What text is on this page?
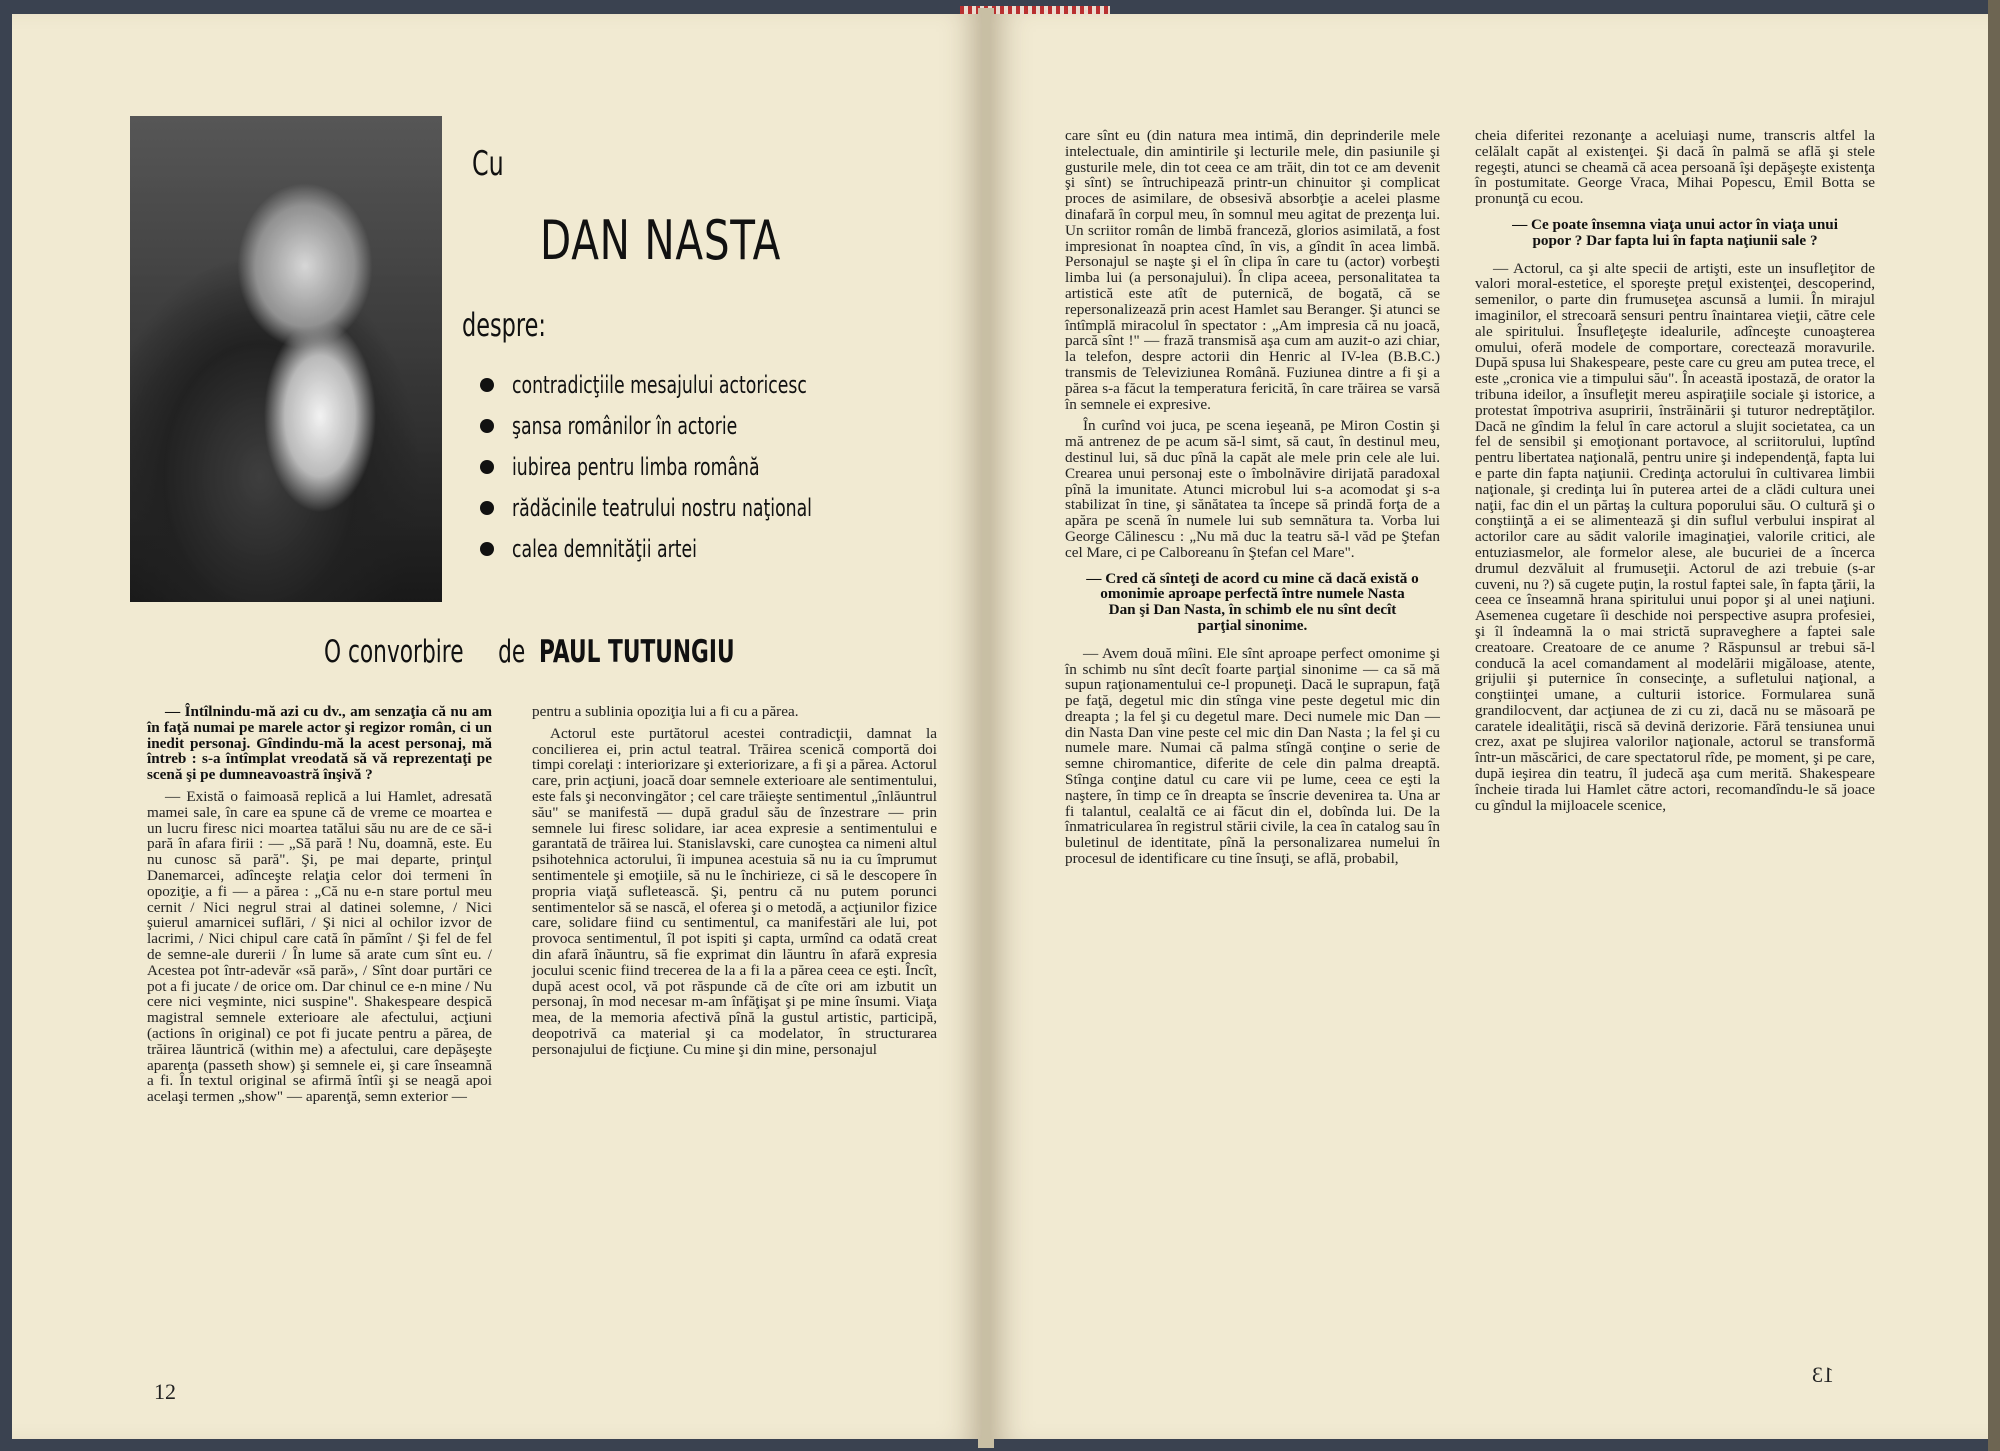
Cu
DAN NASTA
despre:
contradicţiile mesajului actoricesc
şansa românilor în actorie
iubirea pentru limba română
rădăcinile teatrului nostru naţional
calea demnităţii artei
O convorbire de PAUL TUTUNGIU

— Întîlnindu-mă azi cu dv., am senzaţia că nu am în faţă numai pe marele actor şi regizor român, ci un inedit personaj. Gîndindu-mă la acest personaj, mă întreb : s-a întîmplat vreodată să vă reprezentaţi pe scenă şi pe dumneavoastră înşivă ?

— Există o faimoasă replică a lui Hamlet, adresată mamei sale, în care ea spune că de vreme ce moartea e un lucru firesc nici moartea tatălui său nu are de ce să-i pară în afara firii : — „Să pară ! Nu, doamnă, este. Eu nu cunosc să pară". Şi, pe mai departe, prinţul Danemarcei, adînceşte relaţia celor doi termeni în opoziţie, a fi — a părea : „Că nu e-n stare portul meu cernit / Nici negrul strai al datinei solemne, / Nici şuierul amarnicei suflări, / Şi nici al ochilor izvor de lacrimi, / Nici chipul care cată în pămînt / Şi fel de fel de semne-ale durerii / În lume să arate cum sînt eu. / Acestea pot într-adevăr «să pară», / Sînt doar purtări ce pot a fi jucate / de orice om. Dar chinul ce e-n mine / Nu cere nici veşminte, nici suspine". Shakespeare despică magistral semnele exterioare ale afectului, acţiuni (actions în original) ce pot fi jucate pentru a părea, de trăirea lăuntrică (within me) a afectului, care depăşeşte aparenţa (passeth show) şi semnele ei, şi care înseamnă a fi. În textul original se afirmă întîi şi se neagă apoi acelaşi termen „show" — aparenţă, semn exterior —

pentru a sublinia opoziţia lui a fi cu a părea.

Actorul este purtătorul acestei contradicţii, damnat la concilierea ei, prin actul teatral. Trăirea scenică comportă doi timpi corelaţi : interiorizare şi exteriorizare, a fi şi a părea. Actorul care, prin acţiuni, joacă doar semnele exterioare ale sentimentului, este fals şi neconvingător ; cel care trăieşte sentimentul „înlăuntrul său" se manifestă — după gradul său de înzestrare — prin semnele lui firesc solidare, iar acea expresie a sentimentului e garantată de trăirea lui. Stanislavski, care cunoştea ca nimeni altul psihotehnica actorului, îi impunea acestuia să nu ia cu împrumut sentimentele şi emoţiile, să nu le închirieze, ci să le descopere în propria viaţă sufletească. Şi, pentru că nu putem porunci sentimentelor să se nască, el oferea şi o metodă, a acţiunilor fizice care, solidare fiind cu sentimentul, ca manifestări ale lui, pot provoca sentimentul, îl pot ispiti şi capta, urmînd ca odată creat din afară înăuntru, să fie exprimat din lăuntru în afară expresia jocului scenic fiind trecerea de la a fi la a părea ceea ce eşti. Încît, după acest ocol, vă pot răspunde că de cîte ori am izbutit un personaj, în mod necesar m-am înfăţişat şi pe mine însumi. Viaţa mea, de la memoria afectivă pînă la gustul artistic, participă, deopotrivă ca material şi ca modelator, în structurarea personajului de ficţiune. Cu mine şi din mine, personajul

12

care sînt eu (din natura mea intimă, din deprinderile mele intelectuale, din amintirile şi lecturile mele, din pasiunile şi gusturile mele, din tot ceea ce am trăit, din tot ce am devenit şi sînt) se întruchipează printr-un chinuitor şi complicat proces de asimilare, de obsesivă absorbţie a acelei plasme dinafară în corpul meu, în somnul meu agitat de prezenţa lui. Un scriitor român de limbă franceză, glorios asimilată, a fost impresionat în noaptea cînd, în vis, a gîndit în acea limbă. Personajul se naşte şi el în clipa în care tu (actor) vorbeşti limba lui (a personajului). În clipa aceea, personalitatea ta artistică este atît de puternică, de bogată, că se repersonalizează prin acest Hamlet sau Beranger. Şi atunci se întîmplă miracolul în spectator : „Am impresia că nu joacă, parcă sînt !" — frază transmisă aşa cum am auzit-o azi chiar, la telefon, despre actorii din Henric al IV-lea (B.B.C.) transmis de Televiziunea Română. Fuziunea dintre a fi şi a părea s-a făcut la temperatura fericită, în care trăirea se varsă în semnele ei expresive.

În curînd voi juca, pe scena ieşeană, pe Miron Costin şi mă antrenez de pe acum să-l simt, să caut, în destinul meu, destinul lui, să duc pînă la capăt ale mele prin cele ale lui. Crearea unui personaj este o îmbolnăvire dirijată paradoxal pînă la imunitate. Atunci microbul lui s-a acomodat şi s-a stabilizat în tine, şi sănătatea ta începe să prindă forţa de a apăra pe scenă în numele lui sub semnătura ta. Vorba lui George Călinescu : „Nu mă duc la teatru să-l văd pe Ştefan cel Mare, ci pe Calboreanu în Ştefan cel Mare".

— Cred că sînteţi de acord cu mine că dacă există o omonimie aproape perfectă între numele Nasta Dan şi Dan Nasta, în schimb ele nu sînt decît parţial sinonime.

— Avem două mîini. Ele sînt aproape perfect omonime şi în schimb nu sînt decît foarte parţial sinonime — ca să mă supun raţionamentului ce-l propuneţi. Dacă le suprapun, faţă pe faţă, degetul mic din stînga vine peste degetul mic din dreapta ; la fel şi cu degetul mare. Deci numele mic Dan — din Nasta Dan vine peste cel mic din Dan Nasta ; la fel şi cu numele mare. Numai că palma stîngă conţine o serie de semne chiromantice, diferite de cele din palma dreaptă. Stînga conţine datul cu care vii pe lume, ceea ce eşti la naştere, în timp ce în dreapta se înscrie devenirea ta. Una ar fi talantul, cealaltă ce ai făcut din el, dobînda lui. De la înmatricularea în registrul stării civile, la cea în catalog sau în buletinul de identitate, pînă la personalizarea numelui în procesul de identificare cu tine însuţi, se află, probabil,

cheia diferitei rezonanţe a aceluiaşi nume, transcris altfel la celălalt capăt al existenţei. Şi dacă în palmă se află şi stele regeşti, atunci se cheamă că acea persoană îşi depăşeşte existenţa în postumitate. George Vraca, Mihai Popescu, Emil Botta se pronunţă cu ecou.

— Ce poate însemna viaţa unui actor în viaţa unui popor ? Dar fapta lui în fapta naţiunii sale ?

— Actorul, ca şi alte specii de artişti, este un insufleţitor de valori moral-estetice, el sporeşte preţul existenţei, descoperind, semenilor, o parte din frumuseţea ascunsă a lumii. În mirajul imaginilor, el strecoară sensuri pentru înaintarea vieţii, către cele ale spiritului. Însufleţeşte idealurile, adînceşte cunoaşterea omului, oferă modele de comportare, corectează moravurile. După spusa lui Shakespeare, peste care cu greu am putea trece, el este „cronica vie a timpului său". În această ipostază, de orator la tribuna ideilor, a însufleţit mereu aspiraţiile sociale şi istorice, a protestat împotriva asupririi, înstrăinării şi tuturor nedreptăţilor. Dacă ne gîndim la felul în care actorul a slujit societatea, ca un fel de sensibil şi emoţionant portavoce, al scriitorului, luptînd pentru libertatea naţională, pentru unire şi independenţă, fapta lui e parte din fapta naţiunii. Credinţa actorului în cultivarea limbii naţionale, şi credinţa lui în puterea artei de a clădi cultura unei naţii, fac din el un părtaş la cultura poporului său. O cultură şi o conştiinţă a ei se alimentează şi din suflul verbului inspirat al actorilor care au sădit valorile imaginaţiei, valorile critici, ale entuziasmelor, ale formelor alese, ale bucuriei de a încerca drumul dezvăluit al frumuseţii. Actorul de azi trebuie (s-ar cuveni, nu ?) să cugete puţin, la rostul faptei sale, în fapta ţării, la ceea ce înseamnă hrana spiritului unui popor şi al unei naţiuni. Asemenea cugetare îi deschide noi perspective asupra profesiei, şi îl îndeamnă la o mai strictă supraveghere a faptei sale creatoare. Creatoare de ce anume ? Răspunsul ar trebui să-l conducă la acel comandament al modelării migăloase, atente, grijulii şi puternice în consecinţe, a sufletului naţional, a conştiinţei umane, a culturii istorice. Formularea sună grandilocvent, dar acţiunea de zi cu zi, dacă nu se măsoară pe caratele idealităţii, riscă să devină derizorie. Fără tensiunea unui crez, axat pe slujirea valorilor naţionale, actorul se transformă într-un măscărici, de care spectatorul rîde, pe moment, şi pe care, după ieşirea din teatru, îl judecă aşa cum merită. Shakespeare încheie tirada lui Hamlet către actori, recomandîndu-le să joace cu gîndul la mijloacele scenice,

13
